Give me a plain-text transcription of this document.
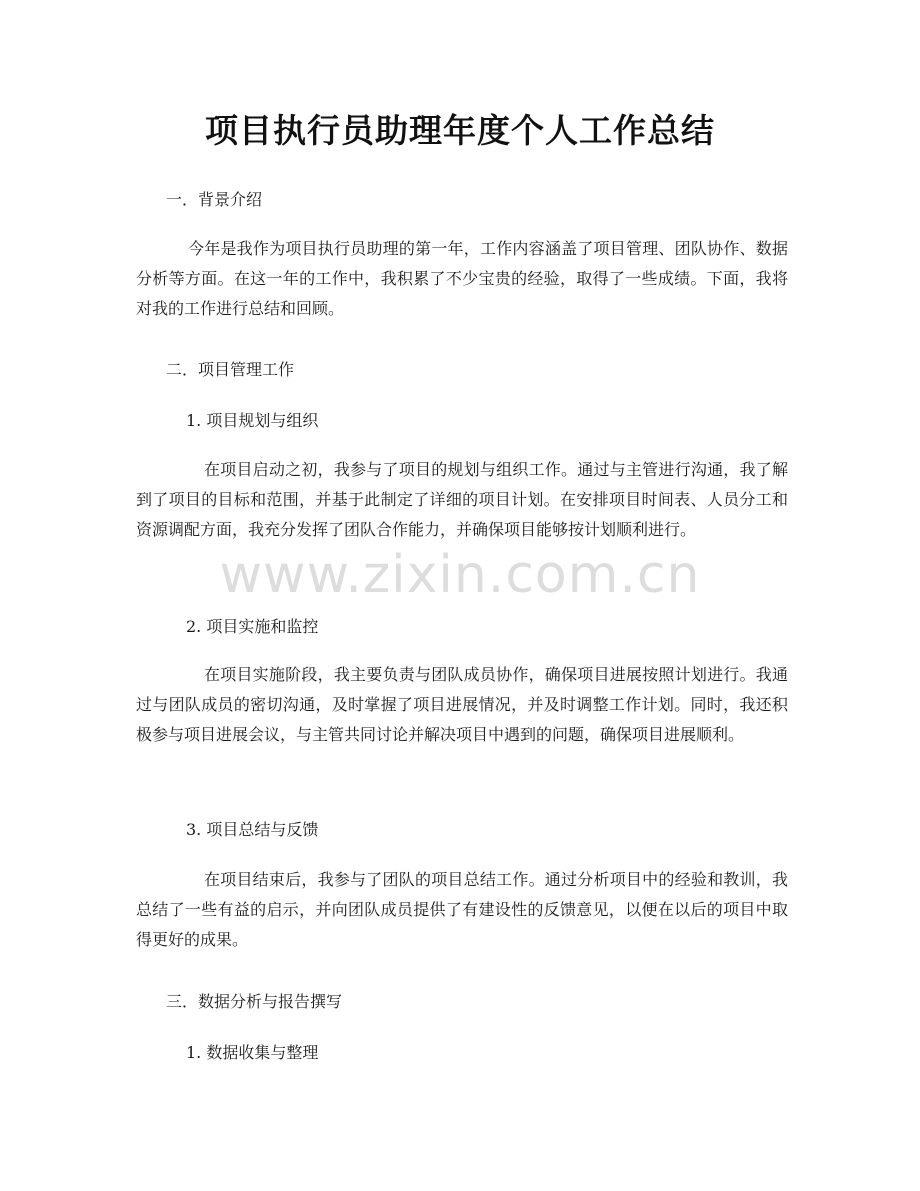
项目执行员助理年度个人工作总结
一．背景介绍
今年是我作为项目执行员助理的第一年，工作内容涵盖了项目管理、团队协作、数据分析等方面。在这一年的工作中，我积累了不少宝贵的经验，取得了一些成绩。下面，我将对我的工作进行总结和回顾。
二．项目管理工作
1. 项目规划与组织
在项目启动之初，我参与了项目的规划与组织工作。通过与主管进行沟通，我了解到了项目的目标和范围，并基于此制定了详细的项目计划。在安排项目时间表、人员分工和资源调配方面，我充分发挥了团队合作能力，并确保项目能够按计划顺利进行。
2. 项目实施和监控
在项目实施阶段，我主要负责与团队成员协作，确保项目进展按照计划进行。我通过与团队成员的密切沟通，及时掌握了项目进展情况，并及时调整工作计划。同时，我还积极参与项目进展会议，与主管共同讨论并解决项目中遇到的问题，确保项目进展顺利。
3. 项目总结与反馈
在项目结束后，我参与了团队的项目总结工作。通过分析项目中的经验和教训，我总结了一些有益的启示，并向团队成员提供了有建设性的反馈意见，以便在以后的项目中取得更好的成果。
三．数据分析与报告撰写
1. 数据收集与整理
www.zixin.com.cn
